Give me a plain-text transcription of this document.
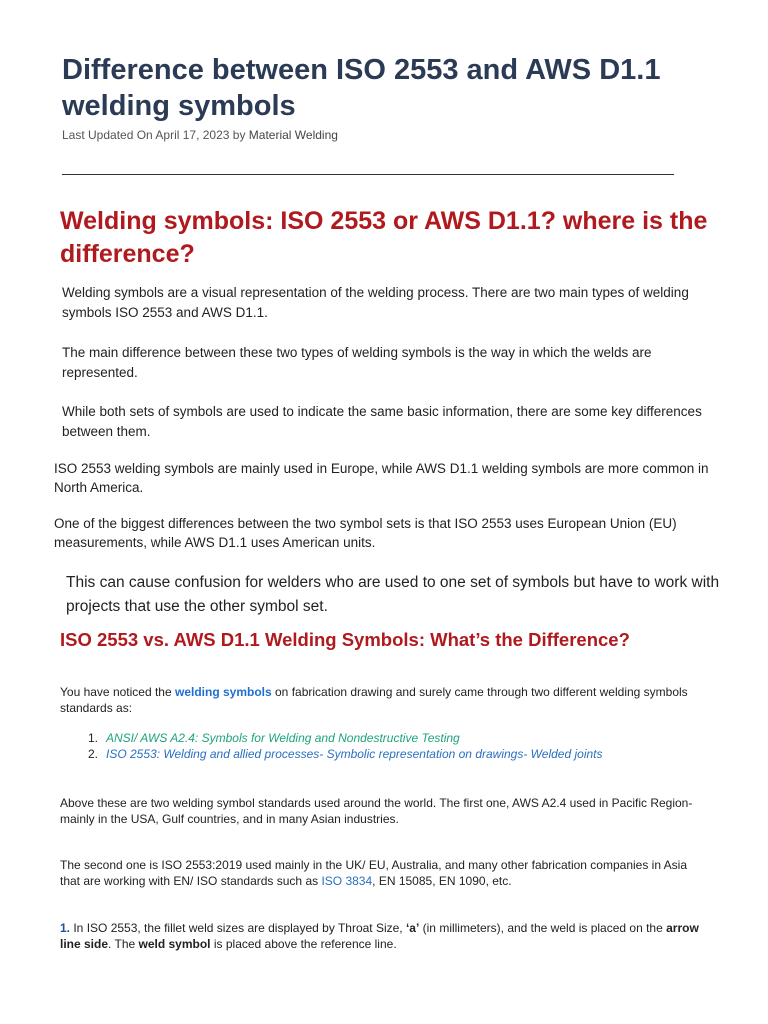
Difference between ISO 2553 and AWS D1.1 welding symbols
Last Updated On April 17, 2023 by Material Welding
Welding symbols: ISO 2553 or AWS D1.1? where is the difference?

Welding symbols are a visual representation of the welding process. There are two main types of welding symbols ISO 2553 and AWS D1.1.

The main difference between these two types of welding symbols is the way in which the welds are represented.

While both sets of symbols are used to indicate the same basic information, there are some key differences between them.

ISO 2553 welding symbols are mainly used in Europe, while AWS D1.1 welding symbols are more common in North America.

One of the biggest differences between the two symbol sets is that ISO 2553 uses European Union (EU) measurements, while AWS D1.1 uses American units.

This can cause confusion for welders who are used to one set of symbols but have to work with projects that use the other symbol set.

ISO 2553 vs. AWS D1.1 Welding Symbols: What’s the Difference?

You have noticed the welding symbols on fabrication drawing and surely came through two different welding symbols standards as:

1. ANSI/ AWS A2.4: Symbols for Welding and Nondestructive Testing
2. ISO 2553: Welding and allied processes- Symbolic representation on drawings- Welded joints

Above these are two welding symbol standards used around the world. The first one, AWS A2.4 used in Pacific Region- mainly in the USA, Gulf countries, and in many Asian industries.

The second one is ISO 2553:2019 used mainly in the UK/ EU, Australia, and many other fabrication companies in Asia that are working with EN/ ISO standards such as ISO 3834, EN 15085, EN 1090, etc.

1. In ISO 2553, the fillet weld sizes are displayed by Throat Size, ‘a’ (in millimeters), and the weld is placed on the arrow line side. The weld symbol is placed above the reference line.
